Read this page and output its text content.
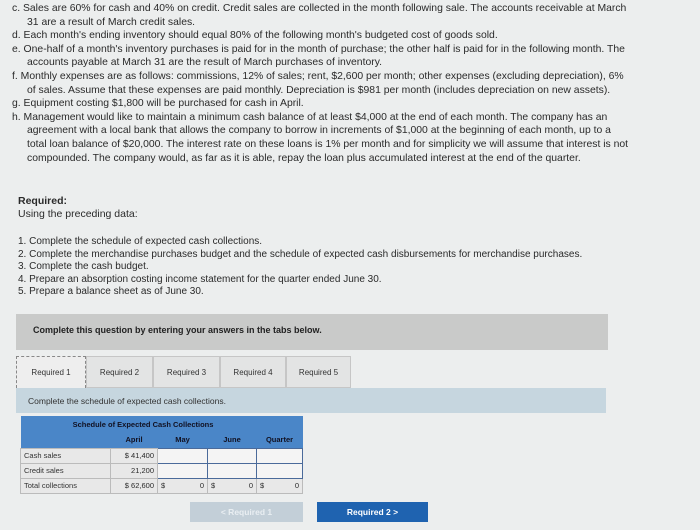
c. Sales are 60% for cash and 40% on credit. Credit sales are collected in the month following sale. The accounts receivable at March
31 are a result of March credit sales.
d. Each month's ending inventory should equal 80% of the following month's budgeted cost of goods sold.
e. One-half of a month's inventory purchases is paid for in the month of purchase; the other half is paid for in the following month. The
accounts payable at March 31 are the result of March purchases of inventory.
f. Monthly expenses are as follows: commissions, 12% of sales; rent, $2,600 per month; other expenses (excluding depreciation), 6%
of sales. Assume that these expenses are paid monthly. Depreciation is $981 per month (includes depreciation on new assets).
g. Equipment costing $1,800 will be purchased for cash in April.
h. Management would like to maintain a minimum cash balance of at least $4,000 at the end of each month. The company has an
agreement with a local bank that allows the company to borrow in increments of $1,000 at the beginning of each month, up to a
total loan balance of $20,000. The interest rate on these loans is 1% per month and for simplicity we will assume that interest is not
compounded. The company would, as far as it is able, repay the loan plus accumulated interest at the end of the quarter.
Required:
Using the preceding data:
1. Complete the schedule of expected cash collections.
2. Complete the merchandise purchases budget and the schedule of expected cash disbursements for merchandise purchases.
3. Complete the cash budget.
4. Prepare an absorption costing income statement for the quarter ended June 30.
5. Prepare a balance sheet as of June 30.
Complete this question by entering your answers in the tabs below.
Required 1	Required 2	Required 3	Required 4	Required 5
Complete the schedule of expected cash collections.
Schedule of Expected Cash Collections				
	April	May	June	Quarter
Cash sales	$ 41,400			
Credit sales	21,200			
Total collections	$ 62,600	$ 0	$ 0	$ 0
< Required 1	Required 2 >
